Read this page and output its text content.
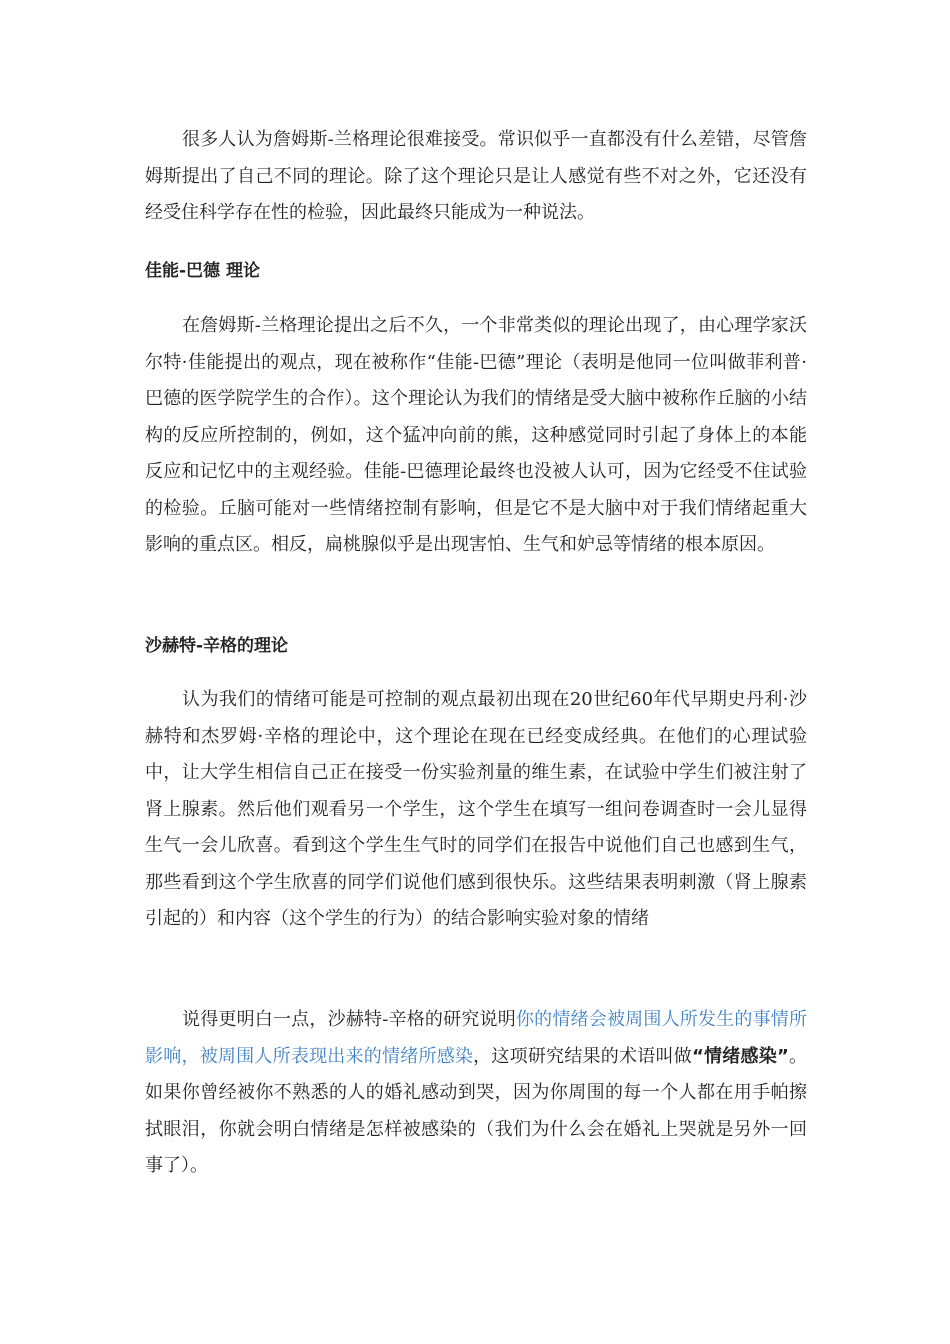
很多人认为詹姆斯-兰格理论很难接受。常识似乎一直都没有什么差错，尽管詹姆斯提出了自己不同的理论。除了这个理论只是让人感觉有些不对之外，它还没有经受住科学存在性的检验，因此最终只能成为一种说法。

佳能-巴德 理论

在詹姆斯-兰格理论提出之后不久，一个非常类似的理论出现了，由心理学家沃尔特·佳能提出的观点，现在被称作“佳能-巴德”理论（表明是他同一位叫做菲利普·巴德的医学院学生的合作）。这个理论认为我们的情绪是受大脑中被称作丘脑的小结构的反应所控制的，例如，这个猛冲向前的熊，这种感觉同时引起了身体上的本能反应和记忆中的主观经验。佳能-巴德理论最终也没被人认可，因为它经受不住试验的检验。丘脑可能对一些情绪控制有影响，但是它不是大脑中对于我们情绪起重大影响的重点区。相反，扁桃腺似乎是出现害怕、生气和妒忌等情绪的根本原因。

沙赫特-辛格的理论

认为我们的情绪可能是可控制的观点最初出现在20世纪60年代早期史丹利·沙赫特和杰罗姆·辛格的理论中，这个理论在现在已经变成经典。在他们的心理试验中，让大学生相信自己正在接受一份实验剂量的维生素，在试验中学生们被注射了肾上腺素。然后他们观看另一个学生，这个学生在填写一组问卷调查时一会儿显得生气一会儿欣喜。看到这个学生生气时的同学们在报告中说他们自己也感到生气，那些看到这个学生欣喜的同学们说他们感到很快乐。这些结果表明刺激（肾上腺素引起的）和内容（这个学生的行为）的结合影响实验对象的情绪

说得更明白一点，沙赫特-辛格的研究说明你的情绪会被周围人所发生的事情所影响，被周围人所表现出来的情绪所感染，这项研究结果的术语叫做“情绪感染”。如果你曾经被你不熟悉的人的婚礼感动到哭，因为你周围的每一个人都在用手帕擦拭眼泪，你就会明白情绪是怎样被感染的（我们为什么会在婚礼上哭就是另外一回事了）。
